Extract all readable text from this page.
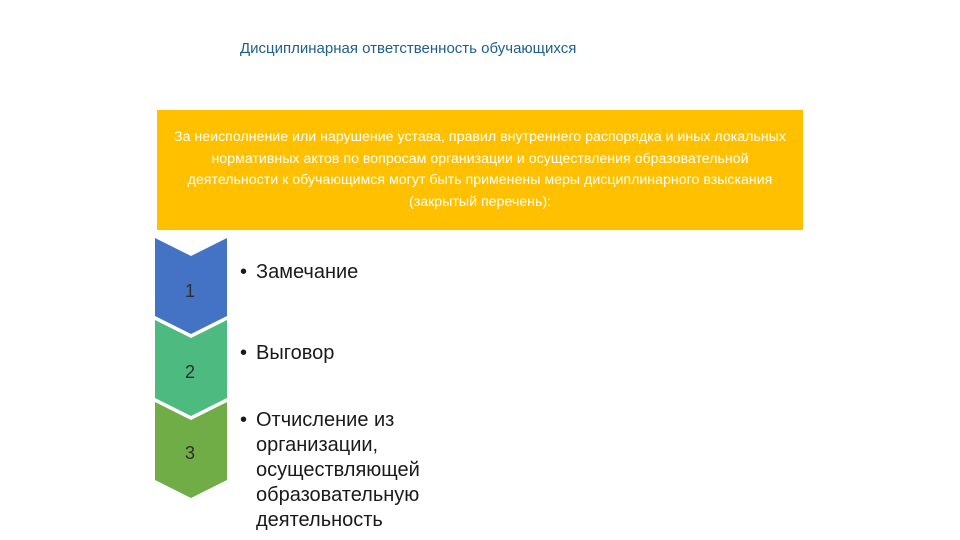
Дисциплинарная ответственность обучающихся
За неисполнение или нарушение устава, правил внутреннего распорядка и иных локальных нормативных актов по вопросам организации и осуществления образовательной деятельности к обучающимся могут быть применены меры дисциплинарного взыскания (закрытый перечень):
1
2
3
• Замечание
• Выговор
• Отчисление из организации, осуществляющей
образовательную деятельность
